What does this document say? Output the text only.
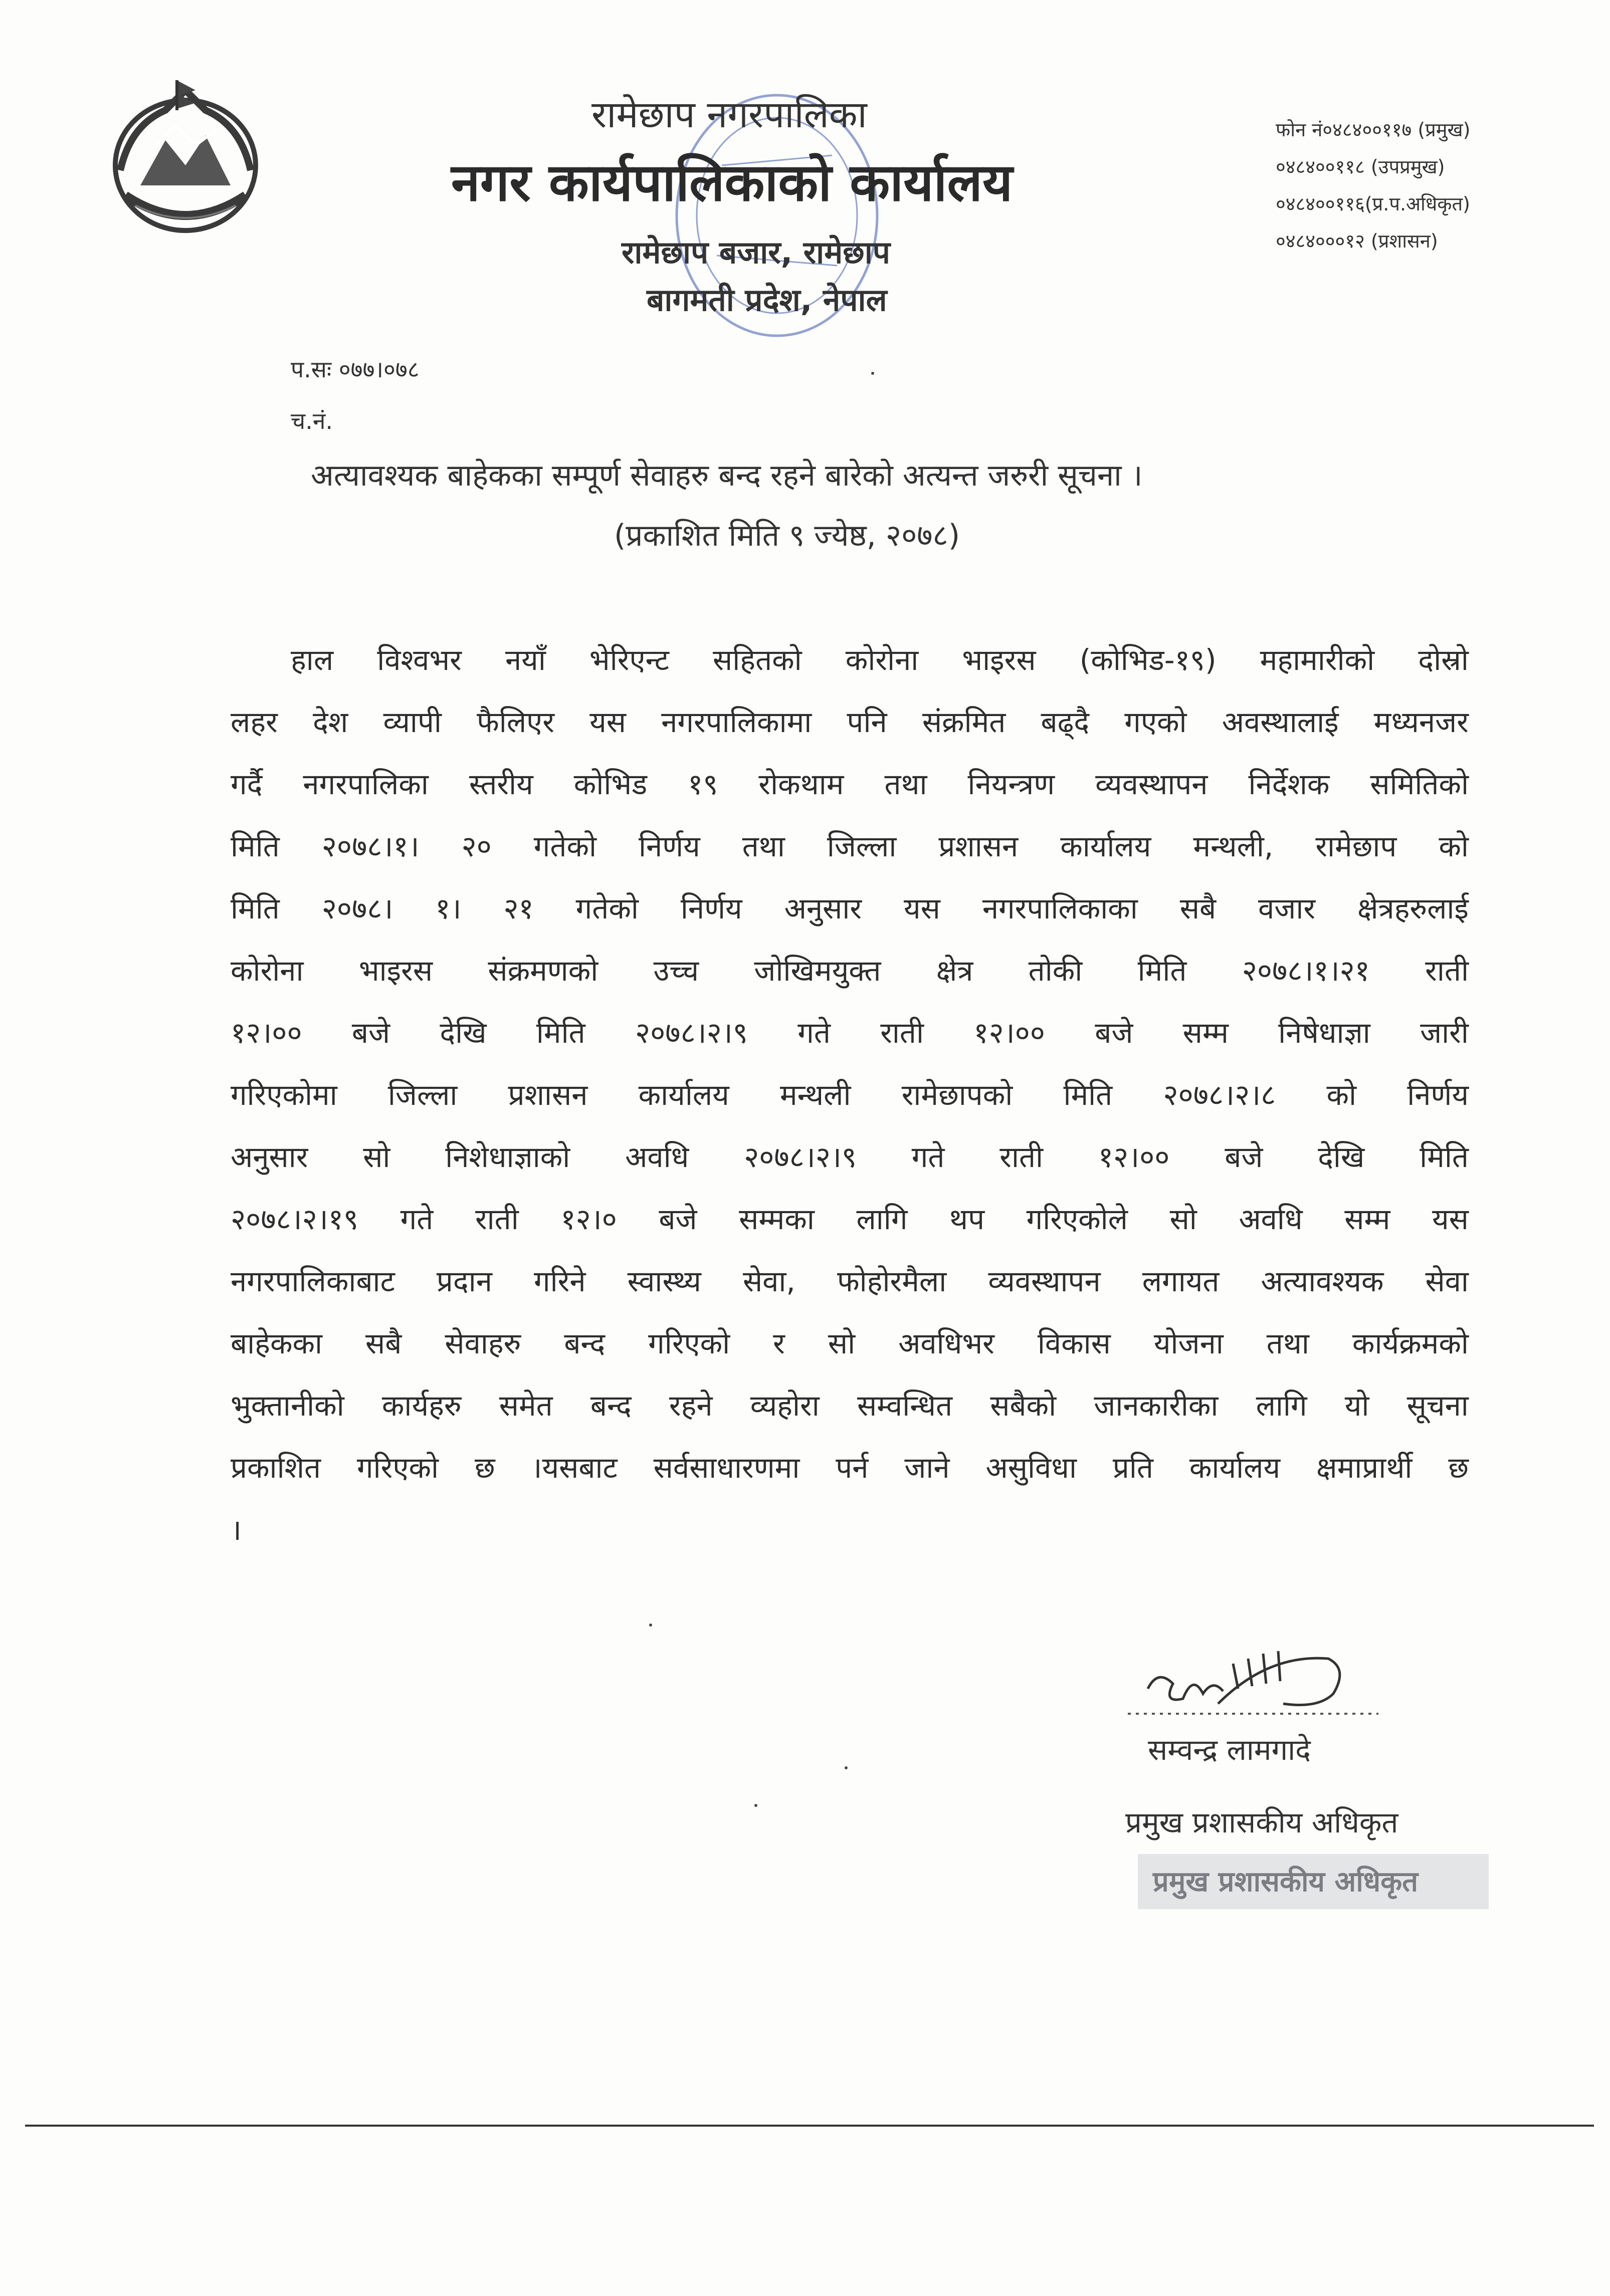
रामेछाप नगरपालिका
नगर कार्यपालिकाको कार्यालय
रामेछाप बजार, रामेछाप
बागमती प्रदेश, नेपाल
फोन नं०४८४००११७ (प्रमुख)
०४८४००११८ (उपप्रमुख)
०४८४००११६(प्र.प.अधिकृत)
०४८४०००१२ (प्रशासन)
प.सः ०७७।०७८
च.नं.
अत्यावश्यक बाहेकका सम्पूर्ण सेवाहरु बन्द रहने बारेको अत्यन्त जरुरी सूचना ।
(प्रकाशित मिति ९ ज्येष्ठ, २०७८)
हाल विश्वभर नयाँ भेरिएन्ट सहितको कोरोना भाइरस (कोभिड-१९) महामारीको दोस्रो
लहर देश व्यापी फैलिएर यस नगरपालिकामा पनि संक्रमित बढ्दै गएको अवस्थालाई मध्यनजर
गर्दै नगरपालिका स्तरीय कोभिड १९ रोकथाम तथा नियन्त्रण व्यवस्थापन निर्देशक समितिको
मिति २०७८।१। २० गतेको निर्णय तथा जिल्ला प्रशासन कार्यालय मन्थली, रामेछाप को
मिति २०७८। १। २१ गतेको निर्णय अनुसार यस नगरपालिकाका सबै वजार क्षेत्रहरुलाई
कोरोना भाइरस संक्रमणको उच्च जोखिमयुक्त क्षेत्र तोकी मिति २०७८।१।२१ राती
१२।०० बजे देखि मिति २०७८।२।९ गते राती १२।०० बजे सम्म निषेधाज्ञा जारी
गरिएकोमा जिल्ला प्रशासन कार्यालय मन्थली रामेछापको मिति २०७८।२।८ को निर्णय
अनुसार सो निशेधाज्ञाको अवधि २०७८।२।९ गते राती १२।०० बजे देखि मिति
२०७८।२।१९ गते राती १२।० बजे सम्मका लागि थप गरिएकोले सो अवधि सम्म यस
नगरपालिकाबाट प्रदान गरिने स्वास्थ्य सेवा, फोहोरमैला व्यवस्थापन लगायत अत्यावश्यक सेवा
बाहेकका सबै सेवाहरु बन्द गरिएको र सो अवधिभर विकास योजना तथा कार्यक्रमको
भुक्तानीको कार्यहरु समेत बन्द रहने व्यहोरा सम्वन्धित सबैको जानकारीका लागि यो सूचना
प्रकाशित गरिएको छ ।यसबाट सर्वसाधारणमा पर्न जाने असुविधा प्रति कार्यालय क्षमाप्रार्थी छ
।
सम्वन्द्र लामगादे
प्रमुख प्रशासकीय अधिकृत
प्रमुख प्रशासकीय अधिकृत
